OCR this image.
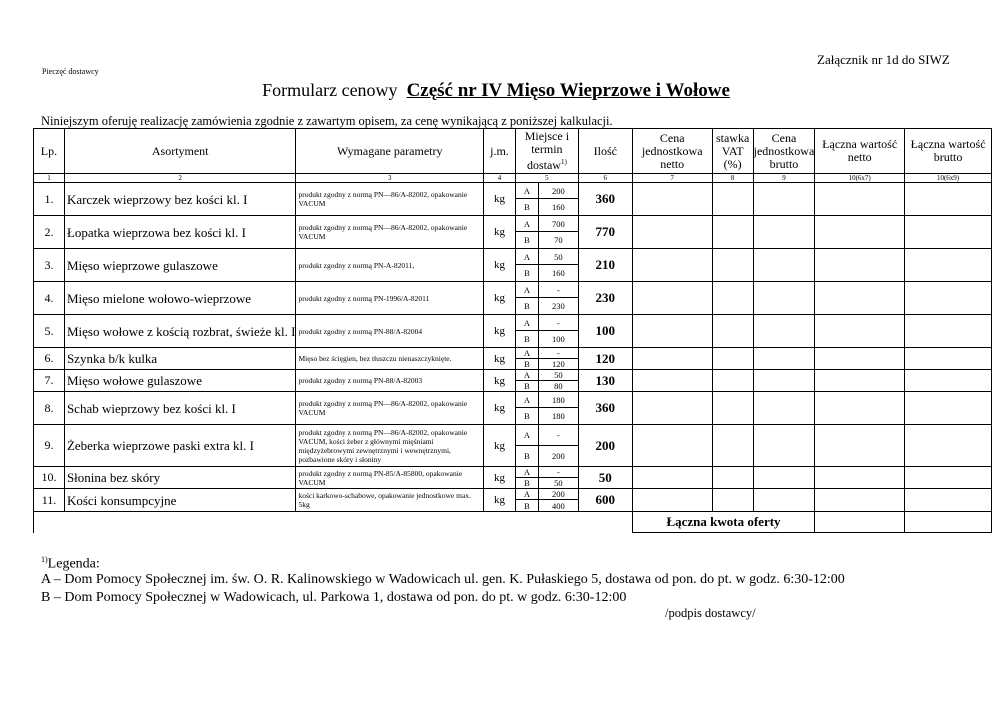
Załącznik nr 1d do SIWZ
Pieczęć dostawcy
Formularz cenowy Część nr IV Mięso Wieprzowe i Wołowe
Niniejszym oferuję realizację zamówienia zgodnie z zawartym opisem, za cenę wynikającą z poniższej kalkulacji.
Lp.	Asortyment	Wymagane parametry	j.m.	Miejsce i termin dostaw$^{1)}$		Ilość	Cena jednostkowa netto	stawka VAT (%)	Cena jednostkowa brutto	Łączna wartość netto	Łączna wartość brutto
1	2	3	4	5		6	7	8	9	10(6x7)	10(6x9)
1.	Karczek wieprzowy bez kości kl. I	produkt zgodny z normą PN—86/A-82002, opakowanie VACUM	kg	A	200	360					
				B	160						
2.	Łopatka wieprzowa bez kości kl. I	produkt zgodny z normą PN—86/A-82002, opakowanie VACUM	kg	A	700	770					
				B	70						
3.	Mięso wieprzowe gulaszowe	produkt zgodny z normą PN-A-82011,	kg	A	50	210					
				B	160						
4.	Mięso mielone wołowo-wieprzowe	produkt zgodny z normą PN-1996/A-82011	kg	A	-	230					
				B	230						
5.	Mięso wołowe z kością rozbrat, świeże kl. I	produkt zgodny z normą PN-88/A-82004	kg	A	-	100					
				B	100						
6.	Szynka b/k kulka	Mięso bez ścięgien, bez tłuszczu nienaszczyknięte.	kg	A	-	120					
				B	120						
7.	Mięso wołowe gulaszowe	produkt zgodny z normą PN-88/A-82003	kg	A	50	130					
				B	80						
8.	Schab wieprzowy bez kości kl. I	produkt zgodny z normą PN—86/A-82002, opakowanie VACUM	kg	A	180	360					
				B	180						
9.	Żeberka wieprzowe paski extra kl. I	produkt zgodny z normą PN—86/A-82002, opakowanie VACUM, kości żeber z głównymi mięśniami międzyżebrowymi zewnętrznymi i wewnętrznymi, pozbawione skóry i słoniny	kg	A	-	200					
				B	200						
10.	Słonina bez skóry	produkt zgodny z normą PN-85/A-85800, opakowanie VACUM	kg	A	-	50					
				B	50						
11.	Kości konsumpcyjne	kości karkowo-schabowe, opakowanie jednostkowe max. 5kg	kg	A	200	600					
				B	400						
							Łączna kwota oferty				
$^{1)}$Legenda:
A – Dom Pomocy Społecznej im. św. O. R. Kalinowskiego w Wadowicach ul. gen. K. Pułaskiego 5, dostawa od pon. do pt. w godz. 6:30-12:00
B – Dom Pomocy Społecznej w Wadowicach, ul. Parkowa 1, dostawa od pon. do pt. w godz. 6:30-12:00
/podpis dostawcy/
